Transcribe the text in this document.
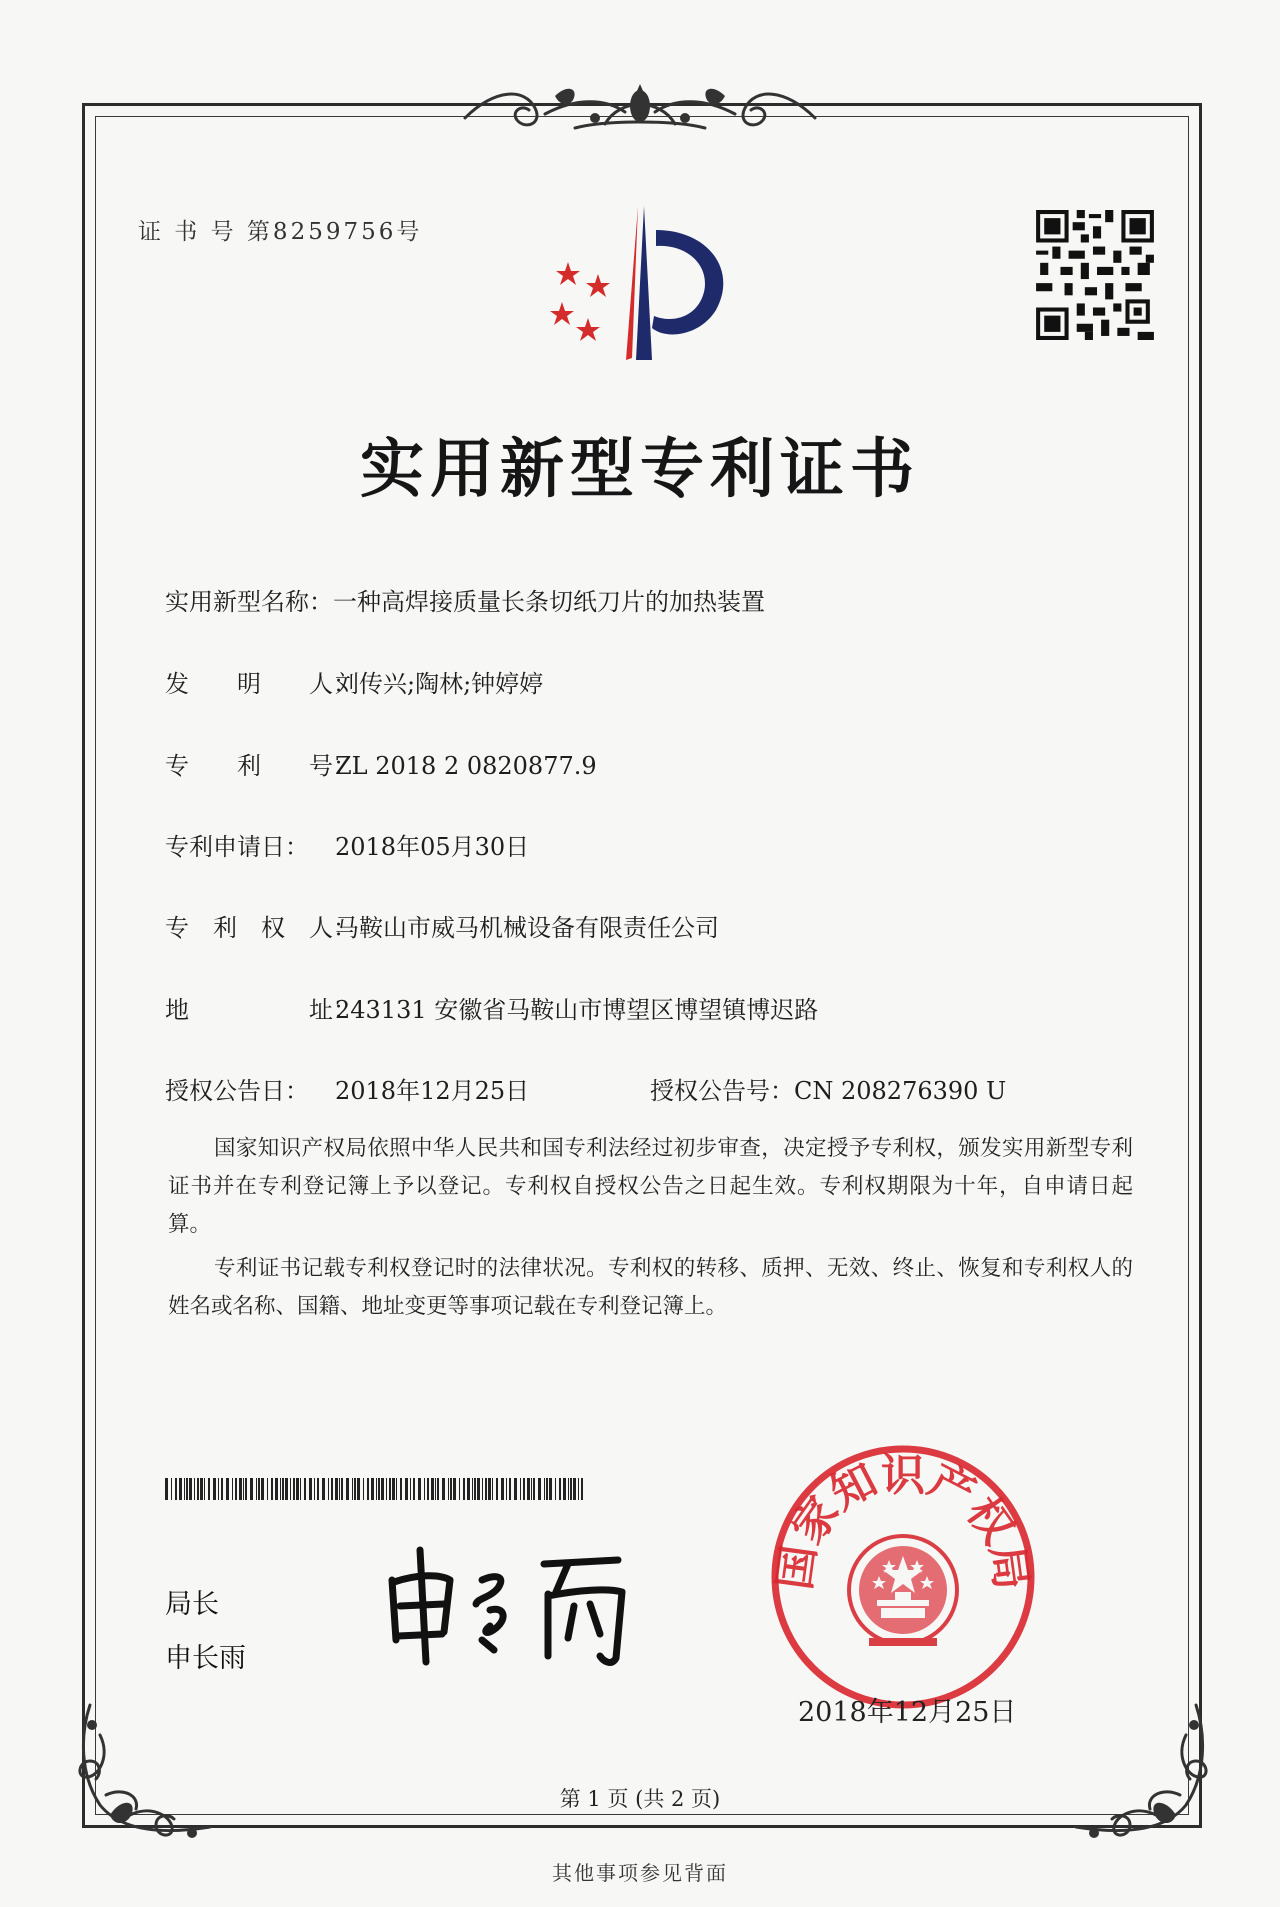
证 书 号 第8259756号
实用新型专利证书
实用新型名称：一种高焊接质量长条切纸刀片的加热装置
发　　明　　人：刘传兴;陶林;钟婷婷
专　　利　　号：ZL 2018 2 0820877.9
专利申请日： 2018年05月30日
专　利　权　人：马鞍山市威马机械设备有限责任公司
地　　　　　址：243131 安徽省马鞍山市博望区博望镇博迟路
授权公告日： 2018年12月25日	授权公告号：CN 208276390 U

国家知识产权局依照中华人民共和国专利法经过初步审查，决定授予专利权，颁发实用新型专利证书并在专利登记簿上予以登记。专利权自授权公告之日起生效。专利权期限为十年，自申请日起算。

专利证书记载专利权登记时的法律状况。专利权的转移、质押、无效、终止、恢复和专利权人的姓名或名称、国籍、地址变更等事项记载在专利登记簿上。

局长
申长雨
国家知识产权局
2018年12月25日
第 1 页 (共 2 页)
其他事项参见背面
